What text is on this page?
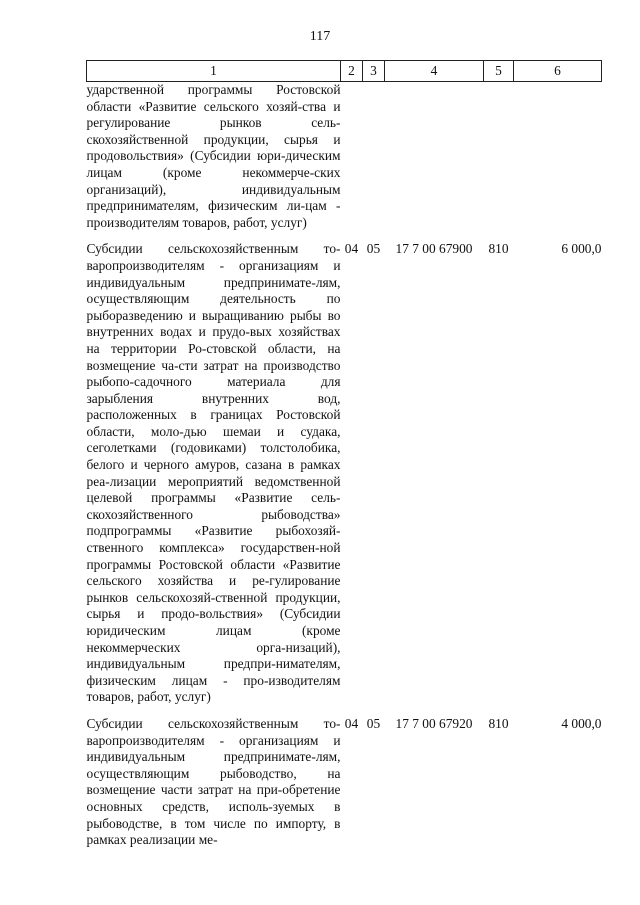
117
1	2	3	4	5	6
ударственной программы Ростовской области «Развитие сельского хозяй-ства и регулирование рынков сель-скохозяйственной продукции, сырья и продовольствия» (Субсидии юри-дическим лицам (кроме некоммерче-ских организаций), индивидуальным предпринимателям, физическим ли-цам - производителям товаров, работ, услуг)					

Субсидии сельскохозяйственным то-варопроизводителям - организациям и индивидуальным предпринимате-лям, осуществляющим деятельность по рыборазведению и выращиванию рыбы во внутренних водах и прудо-вых хозяйствах на территории Ро-стовской области, на возмещение ча-сти затрат на производство рыбопо-садочного материала для зарыбления внутренних вод, расположенных в границах Ростовской области, моло-дью шемаи и судака, сеголетками (годовиками) толстолобика, белого и черного амуров, сазана в рамках реа-лизации мероприятий ведомственной целевой программы «Развитие сель-скохозяйственного рыбоводства» подпрограммы «Развитие рыбохозяй-ственного комплекса» государствен-ной программы Ростовской области «Развитие сельского хозяйства и ре-гулирование рынков сельскохозяй-ственной продукции, сырья и продо-вольствия» (Субсидии юридическим лицам (кроме некоммерческих орга-низаций), индивидуальным предпри-нимателям, физическим лицам - про-изводителям товаров, работ, услуг)	04	05	17 7 00 67900	810	6 000,0

Субсидии сельскохозяйственным то-варопроизводителям - организациям и индивидуальным предпринимате-лям, осуществляющим рыбоводство, на возмещение части затрат на при-обретение основных средств, исполь-зуемых в рыбоводстве, в том числе по импорту, в рамках реализации ме-	04	05	17 7 00 67920	810	4 000,0
